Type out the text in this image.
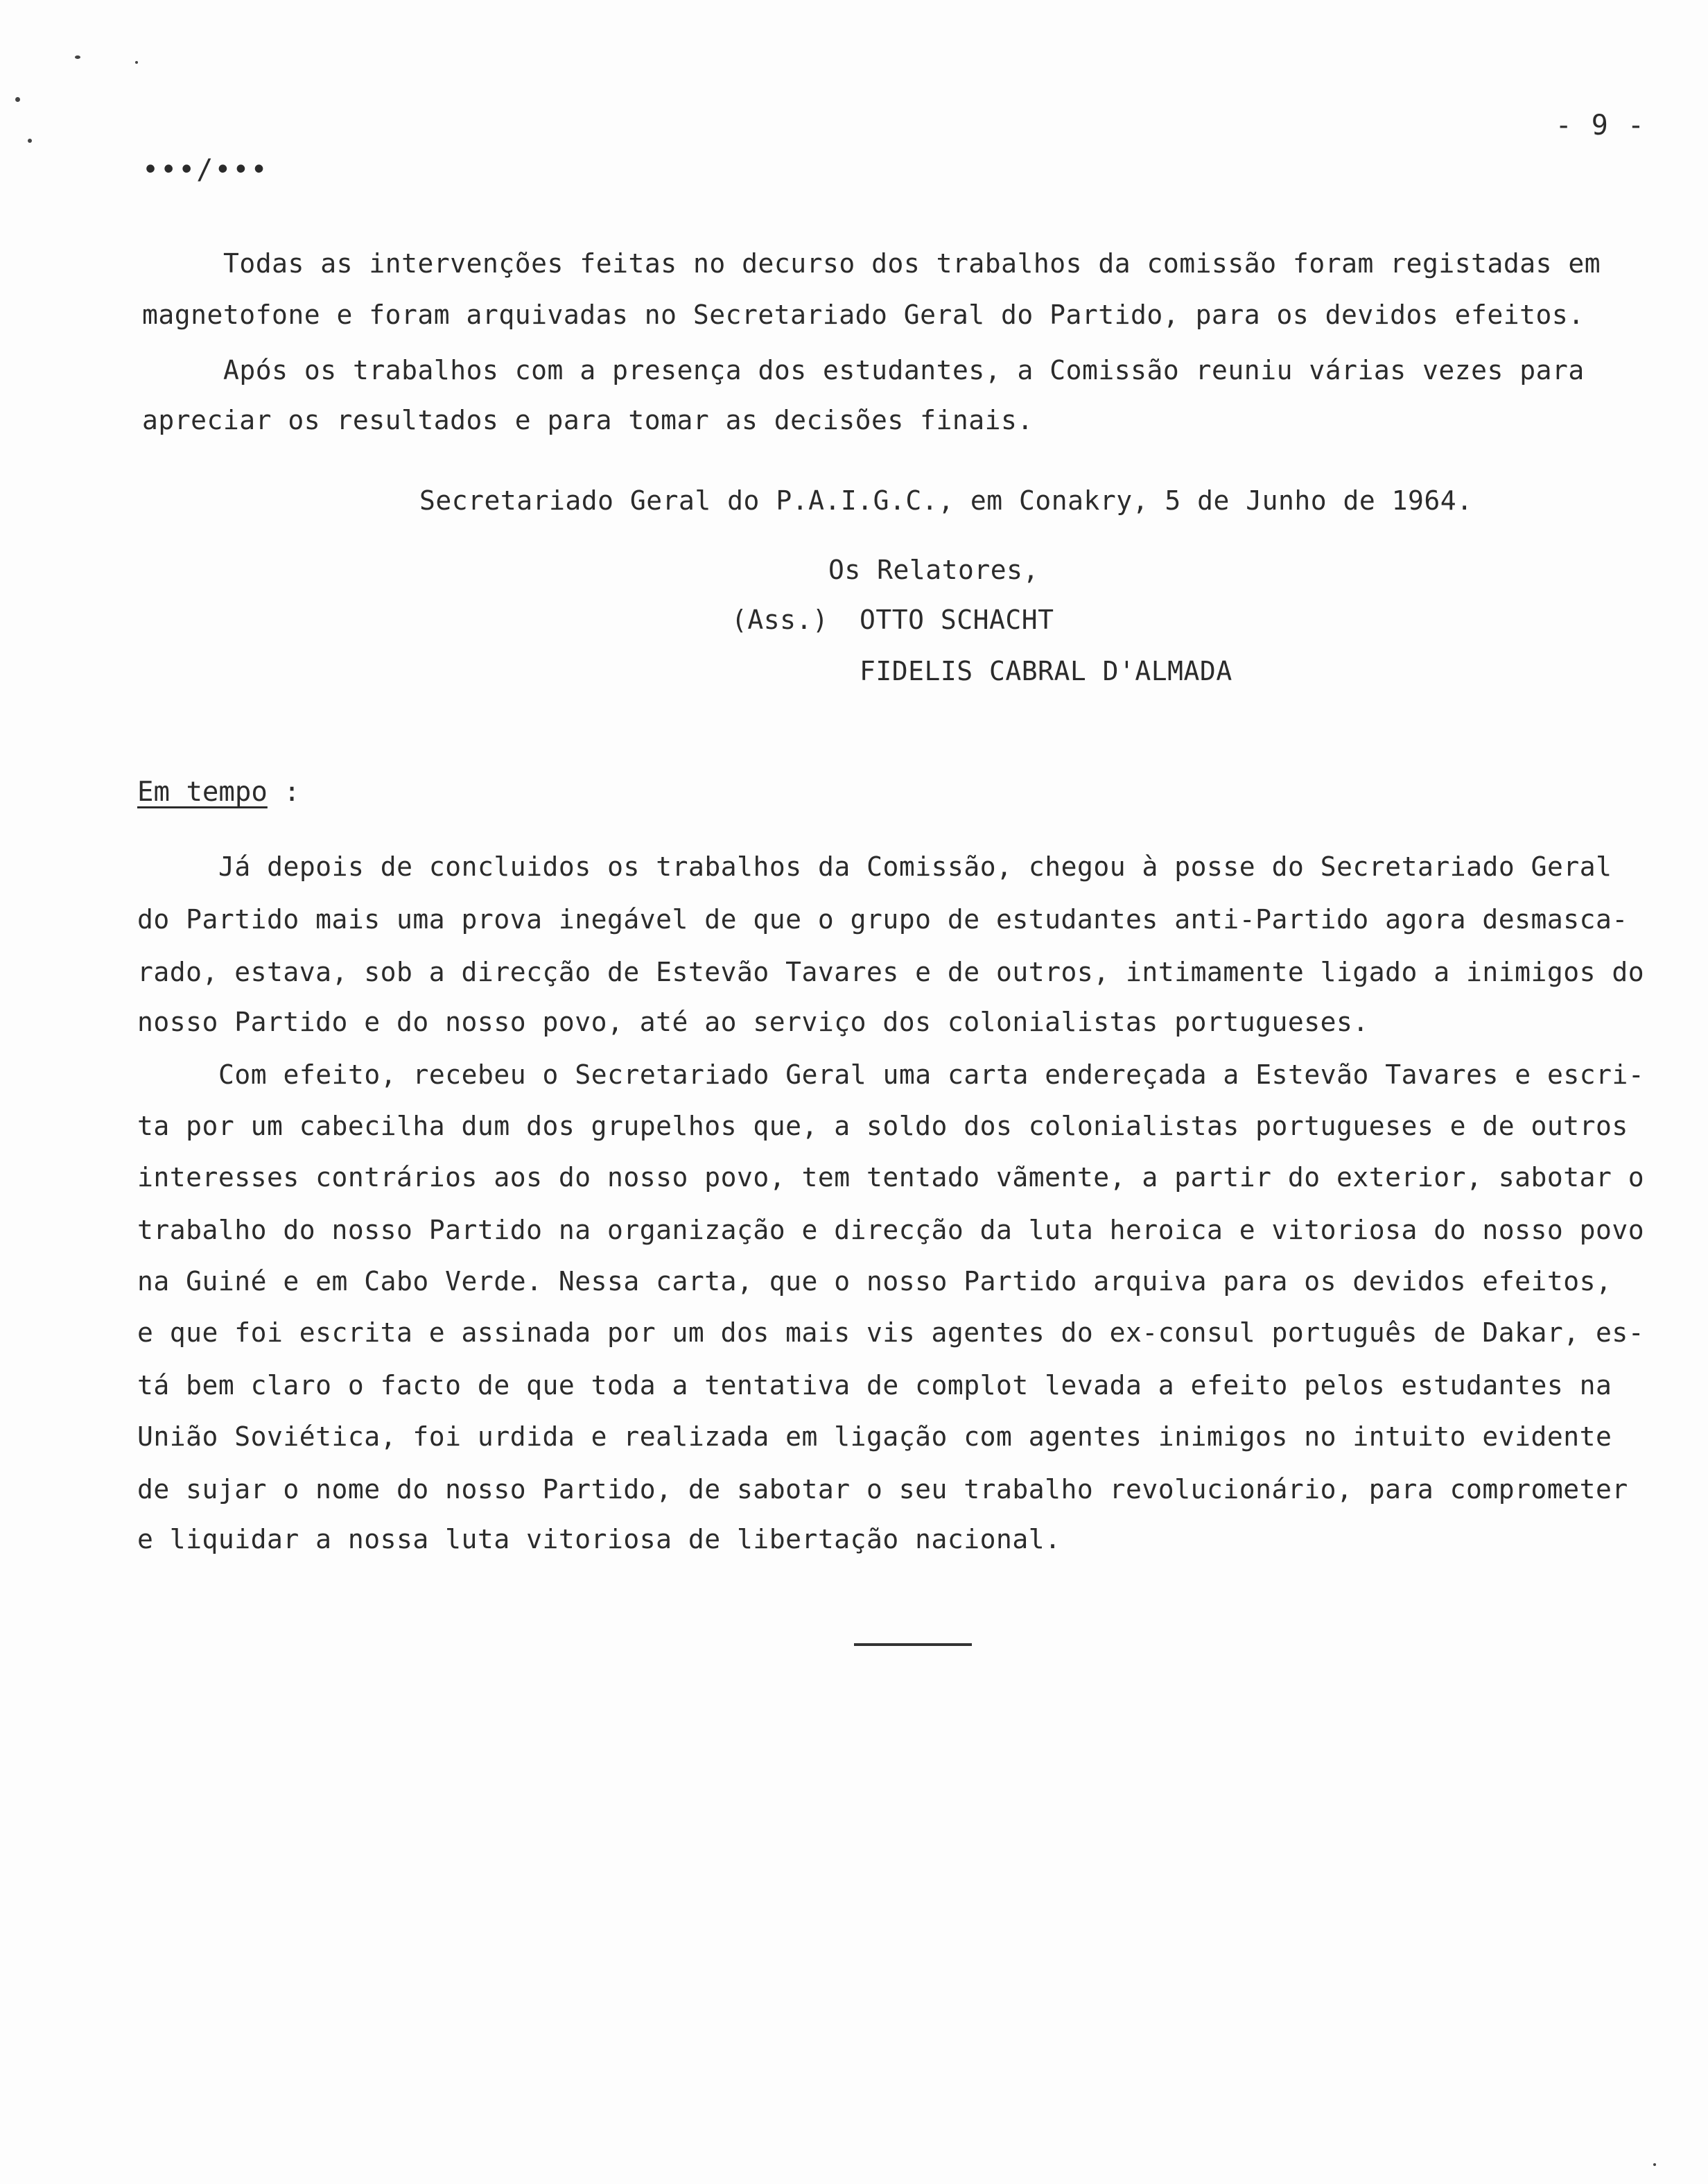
- 9 -
•••/•••
Todas as intervenções feitas no decurso dos trabalhos da comissão foram registadas em
magnetofone e foram arquivadas no Secretariado Geral do Partido, para os devidos efeitos.
Após os trabalhos com a presença dos estudantes, a Comissão reuniu várias vezes para
apreciar os resultados e para tomar as decisões finais.
Secretariado Geral do P.A.I.G.C., em Conakry, 5 de Junho de 1964.
Os Relatores,
(Ass.) OTTO SCHACHT
FIDELIS CABRAL D'ALMADA
Em tempo :
Já depois de concluidos os trabalhos da Comissão, chegou à posse do Secretariado Geral
do Partido mais uma prova inegável de que o grupo de estudantes anti-Partido agora desmasca-
rado, estava, sob a direcção de Estevão Tavares e de outros, intimamente ligado a inimigos do
nosso Partido e do nosso povo, até ao serviço dos colonialistas portugueses.
Com efeito, recebeu o Secretariado Geral uma carta endereçada a Estevão Tavares e escri-
ta por um cabecilha dum dos grupelhos que, a soldo dos colonialistas portugueses e de outros
interesses contrários aos do nosso povo, tem tentado vãmente, a partir do exterior, sabotar o
trabalho do nosso Partido na organização e direcção da luta heroica e vitoriosa do nosso povo
na Guiné e em Cabo Verde. Nessa carta, que o nosso Partido arquiva para os devidos efeitos,
e que foi escrita e assinada por um dos mais vis agentes do ex-consul português de Dakar, es-
tá bem claro o facto de que toda a tentativa de complot levada a efeito pelos estudantes na
União Soviética, foi urdida e realizada em ligação com agentes inimigos no intuito evidente
de sujar o nome do nosso Partido, de sabotar o seu trabalho revolucionário, para comprometer
e liquidar a nossa luta vitoriosa de libertação nacional.
